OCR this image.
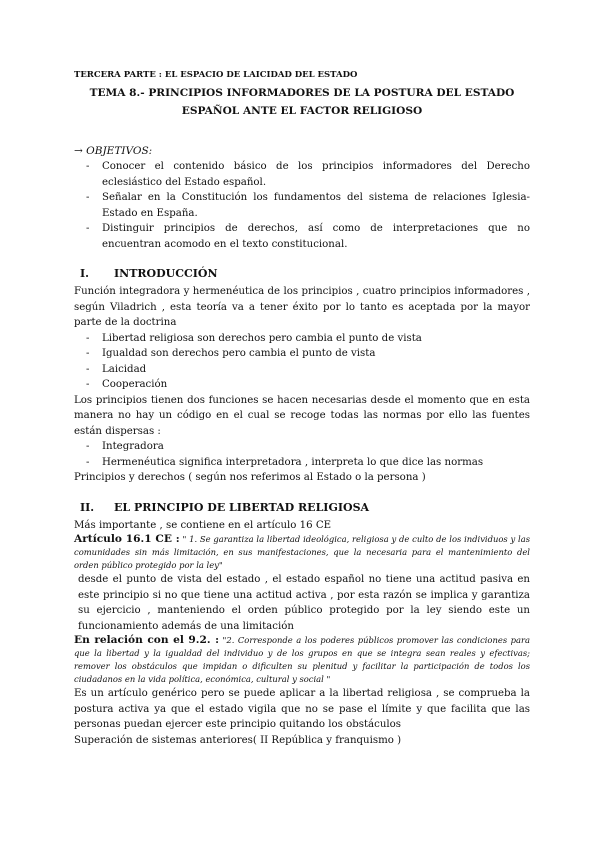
TERCERA PARTE : EL ESPACIO DE LAICIDAD DEL ESTADO
TEMA 8.- PRINCIPIOS INFORMADORES DE LA POSTURA DEL ESTADO
ESPAÑOL ANTE EL FACTOR RELIGIOSO
→ OBJETIVOS:
- Conocer el contenido básico de los principios informadores del Derecho eclesiástico del Estado español.
- Señalar en la Constitución los fundamentos del sistema de relaciones Iglesia-Estado en España.
- Distinguir principios de derechos, así como de interpretaciones que no encuentran acomodo en el texto constitucional.
I. INTRODUCCIÓN

Función integradora y hermenéutica de los principios , cuatro principios informadores , según Viladrich , esta teoría va a tener éxito por lo tanto es aceptada por la mayor parte de la doctrina

- Libertad religiosa son derechos pero cambia el punto de vista
- Igualdad son derechos pero cambia el punto de vista
- Laicidad
- Cooperación

Los principios tienen dos funciones se hacen necesarias desde el momento que en esta manera no hay un código en el cual se recoge todas las normas por ello las fuentes están dispersas :

- Integradora
- Hermenéutica significa interpretadora , interpreta lo que dice las normas

Principios y derechos ( según nos referimos al Estado o la persona )

II. EL PRINCIPIO DE LIBERTAD RELIGIOSA

Más importante , se contiene en el artículo 16 CE

Artículo 16.1 CE : " 1. Se garantiza la libertad ideológica, religiosa y de culto de los individuos y las comunidades sin más limitación, en sus manifestaciones, que la necesaria para el mantenimiento del orden público protegido por la ley"

desde el punto de vista del estado , el estado español no tiene una actitud pasiva en este principio si no que tiene una actitud activa , por esta razón se implica y garantiza su ejercicio , manteniendo el orden público protegido por la ley siendo este un funcionamiento además de una limitación

En relación con el 9.2. : "2. Corresponde a los poderes públicos promover las condiciones para que la libertad y la igualdad del individuo y de los grupos en que se integra sean reales y efectivas; remover los obstáculos que impidan o dificulten su plenitud y facilitar la participación de todos los ciudadanos en la vida política, económica, cultural y social "

Es un artículo genérico pero se puede aplicar a la libertad religiosa , se comprueba la postura activa ya que el estado vigila que no se pase el límite y que facilita que las personas puedan ejercer este principio quitando los obstáculos

Superación de sistemas anteriores( II República y franquismo )
